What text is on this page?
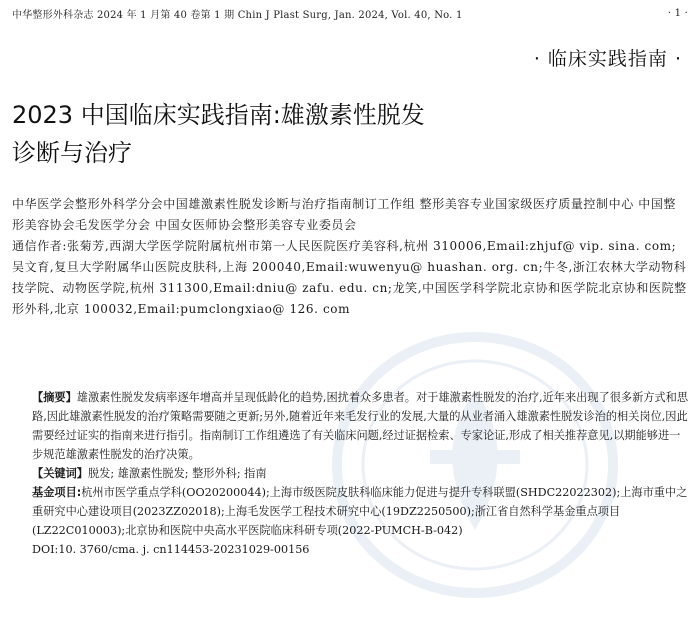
中华整形外科杂志 2024 年 1 月第 40 卷第 1 期 Chin J Plast Surg, Jan. 2024, Vol. 40, No. 1	· 1 ·
· 临床实践指南 ·
2023 中国临床实践指南:雄激素性脱发
诊断与治疗
中华医学会整形外科学分会中国雄激素性脱发诊断与治疗指南制订工作组 整形美容专业国家级医疗质量控制中心 中国整形美容协会毛发医学分会 中国女医师协会整形美容专业委员会
通信作者:张菊芳,西湖大学医学院附属杭州市第一人民医院医疗美容科,杭州 310006,Email:zhjuf@ vip. sina. com;吴文育,复旦大学附属华山医院皮肤科,上海 200040,Email:wuwenyu@ huashan. org. cn;牛冬,浙江农林大学动物科技学院、动物医学院,杭州 311300,Email:dniu@ zafu. edu. cn;龙笑,中国医学科学院北京协和医学院北京协和医院整形外科,北京 100032,Email:pumclongxiao@ 126. com

【摘要】雄激素性脱发发病率逐年增高并呈现低龄化的趋势,困扰着众多患者。对于雄激素性脱发的治疗,近年来出现了很多新方式和思路,因此雄激素性脱发的治疗策略需要随之更新;另外,随着近年来毛发行业的发展,大量的从业者涌入雄激素性脱发诊治的相关岗位,因此需要经过证实的指南来进行指引。指南制订工作组遴选了有关临床问题,经过证据检索、专家论证,形成了相关推荐意见,以期能够进一步规范雄激素性脱发的治疗决策。

【关键词】脱发; 雄激素性脱发; 整形外科; 指南

基金项目:杭州市医学重点学科(OO20200044);上海市级医院皮肤科临床能力促进与提升专科联盟(SHDC22022302);上海市重中之重研究中心建设项目(2023ZZ02018);上海毛发医学工程技术研究中心(19DZ2250500);浙江省自然科学基金重点项目(LZ22C010003);北京协和医院中央高水平医院临床科研专项(2022-PUMCH-B-042)

DOI:10. 3760/cma. j. cn114453-20231029-00156
